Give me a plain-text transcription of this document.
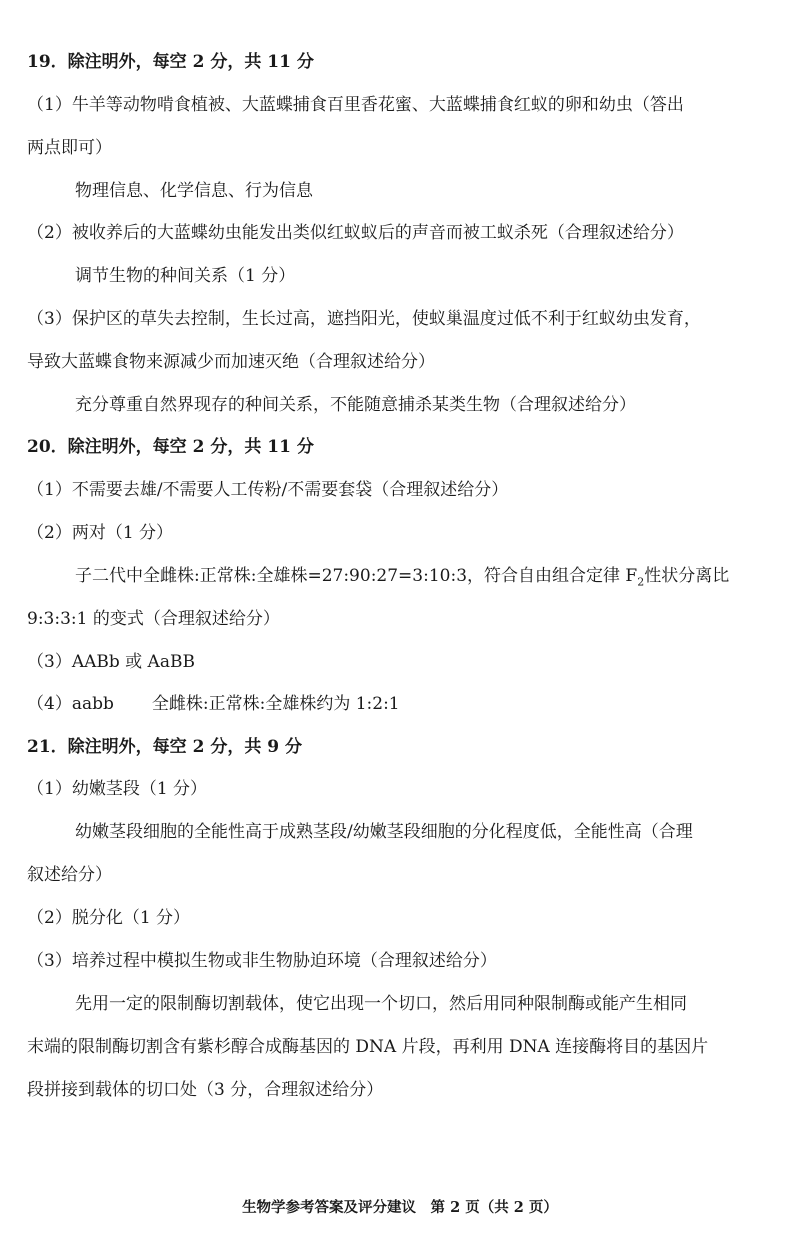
19．除注明外，每空 2 分，共 11 分
（1）牛羊等动物啃食植被、大蓝蝶捕食百里香花蜜、大蓝蝶捕食红蚁的卵和幼虫（答出
两点即可）
物理信息、化学信息、行为信息
（2）被收养后的大蓝蝶幼虫能发出类似红蚁蚁后的声音而被工蚁杀死（合理叙述给分）
调节生物的种间关系（1 分）
（3）保护区的草失去控制，生长过高，遮挡阳光，使蚁巢温度过低不利于红蚁幼虫发育，
导致大蓝蝶食物来源减少而加速灭绝（合理叙述给分）
充分尊重自然界现存的种间关系，不能随意捕杀某类生物（合理叙述给分）
20．除注明外，每空 2 分，共 11 分
（1）不需要去雄/不需要人工传粉/不需要套袋（合理叙述给分）
（2）两对（1 分）
子二代中全雌株:正常株:全雄株=27:90:27=3:10:3，符合自由组合定律 $F_2$性状分离比
9:3:3:1 的变式（合理叙述给分）
（3）AABb 或 AaBB
（4）aabb 全雌株:正常株:全雄株约为 1:2:1
21．除注明外，每空 2 分，共 9 分
（1）幼嫩茎段（1 分）
幼嫩茎段细胞的全能性高于成熟茎段/幼嫩茎段细胞的分化程度低，全能性高（合理
叙述给分）
（2）脱分化（1 分）
（3）培养过程中模拟生物或非生物胁迫环境（合理叙述给分）
先用一定的限制酶切割载体，使它出现一个切口，然后用同种限制酶或能产生相同
末端的限制酶切割含有紫杉醇合成酶基因的 DNA 片段，再利用 DNA 连接酶将目的基因片
段拼接到载体的切口处（3 分，合理叙述给分）
生物学参考答案及评分建议　第 2 页（共 2 页）
